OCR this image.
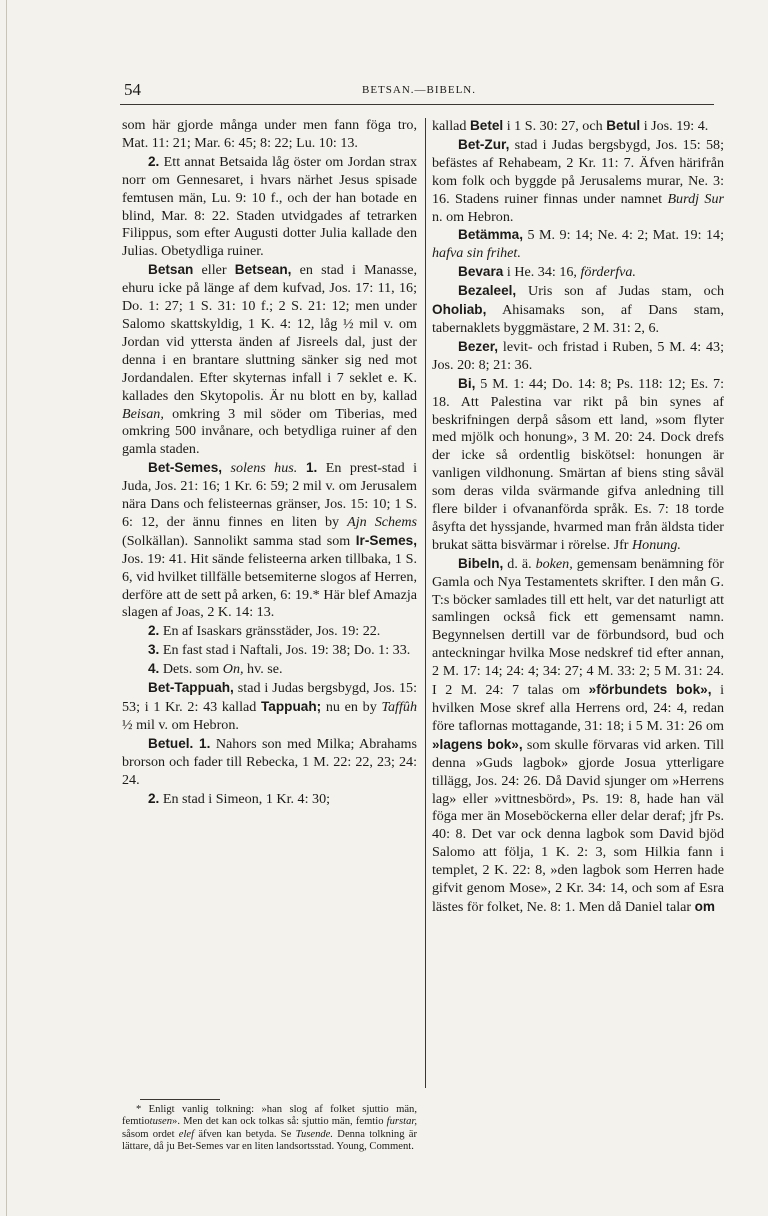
54	BETSAN.—BIBELN.

som här gjorde många under men fann föga tro, Mat. 11: 21; Mar. 6: 45; 8: 22; Lu. 10: 13.

2. Ett annat Betsaida låg öster om Jordan strax norr om Gennesaret, i hvars närhet Jesus spisade femtusen män, Lu. 9: 10 f., och der han botade en blind, Mar. 8: 22. Staden utvidgades af tetrarken Filippus, som efter Augusti dotter Julia kallade den Julias. Obetydliga ruiner.

Betsan eller Betsean, en stad i Manasse, ehuru icke på länge af dem kufvad, Jos. 17: 11, 16; Do. 1: 27; 1 S. 31: 10 f.; 2 S. 21: 12; men under Salomo skattskyldig, 1 K. 4: 12, låg ½ mil v. om Jordan vid yttersta änden af Jisreels dal, just der denna i en brantare sluttning sänker sig ned mot Jordandalen. Efter skyternas infall i 7 seklet e. K. kallades den Skytopolis. Är nu blott en by, kallad Beisan, omkring 3 mil söder om Tiberias, med omkring 500 invånare, och betydliga ruiner af den gamla staden.

Bet-Semes, solens hus. 1. En prest-stad i Juda, Jos. 21: 16; 1 Kr. 6: 59; 2 mil v. om Jerusalem nära Dans och felisteernas gränser, Jos. 15: 10; 1 S. 6: 12, der ännu finnes en liten by Ajn Schems (Solkällan). Sannolikt samma stad som Ir-Semes, Jos. 19: 41. Hit sände felisteerna arken tillbaka, 1 S. 6, vid hvilket tillfälle betsemiterne slogos af Herren, derföre att de sett på arken, 6: 19.* Här blef Amazja slagen af Joas, 2 K. 14: 13.

2. En af Isaskars gränsstäder, Jos. 19: 22.

3. En fast stad i Naftali, Jos. 19: 38; Do. 1: 33.

4. Dets. som On, hv. se.

Bet-Tappuah, stad i Judas bergsbygd, Jos. 15: 53; i 1 Kr. 2: 43 kallad Tappuah; nu en by Taffûh ½ mil v. om Hebron.

Betuel. 1. Nahors son med Milka; Abrahams brorson och fader till Rebecka, 1 M. 22: 22, 23; 24: 24.

2. En stad i Simeon, 1 Kr. 4: 30;

* Enligt vanlig tolkning: »han slog af folket sjuttio män, femtiotusen». Men det kan ock tolkas så: sjuttio män, femtio furstar, såsom ordet elef äfven kan betyda. Se Tusende. Denna tolkning är lättare, då ju Bet-Semes var en liten landsortsstad. Young, Comment.

kallad Betel i 1 S. 30: 27, och Betul i Jos. 19: 4.

Bet-Zur, stad i Judas bergsbygd, Jos. 15: 58; befästes af Rehabeam, 2 Kr. 11: 7. Äfven härifrån kom folk och byggde på Jerusalems murar, Ne. 3: 16. Stadens ruiner finnas under namnet Burdj Sur n. om Hebron.

Betämma, 5 M. 9: 14; Ne. 4: 2; Mat. 19: 14; hafva sin frihet.

Bevara i He. 34: 16, förderfva.

Bezaleel, Uris son af Judas stam, och Oholiab, Ahisamaks son, af Dans stam, tabernaklets byggmästare, 2 M. 31: 2, 6.

Bezer, levit- och fristad i Ruben, 5 M. 4: 43; Jos. 20: 8; 21: 36.

Bi, 5 M. 1: 44; Do. 14: 8; Ps. 118: 12; Es. 7: 18. Att Palestina var rikt på bin synes af beskrifningen derpå såsom ett land, »som flyter med mjölk och honung», 3 M. 20: 24. Dock drefs der icke så ordentlig biskötsel: honungen är vanligen vildhonung. Smärtan af biens sting såväl som deras vilda svärmande gifva anledning till flere bilder i ofvananförda språk. Es. 7: 18 torde åsyfta det hyssjande, hvarmed man från äldsta tider brukat sätta bisvärmar i rörelse. Jfr Honung.

Bibeln, d. ä. boken, gemensam benämning för Gamla och Nya Testamentets skrifter. I den mån G. T:s böcker samlades till ett helt, var det naturligt att samlingen också fick ett gemensamt namn. Begynnelsen dertill var de förbundsord, bud och anteckningar hvilka Mose nedskref tid efter annan, 2 M. 17: 14; 24: 4; 34: 27; 4 M. 33: 2; 5 M. 31: 24. I 2 M. 24: 7 talas om »förbundets bok», i hvilken Mose skref alla Herrens ord, 24: 4, redan före taflornas mottagande, 31: 18; i 5 M. 31: 26 om »lagens bok», som skulle förvaras vid arken. Till denna »Guds lagbok» gjorde Josua ytterligare tillägg, Jos. 24: 26. Då David sjunger om »Herrens lag» eller »vittnesbörd», Ps. 19: 8, hade han väl föga mer än Moseböckerna eller delar deraf; jfr Ps. 40: 8. Det var ock denna lagbok som David bjöd Salomo att följa, 1 K. 2: 3, som Hilkia fann i templet, 2 K. 22: 8, »den lagbok som Herren hade gifvit genom Mose», 2 Kr. 34: 14, och som af Esra lästes för folket, Ne. 8: 1. Men då Daniel talar om
